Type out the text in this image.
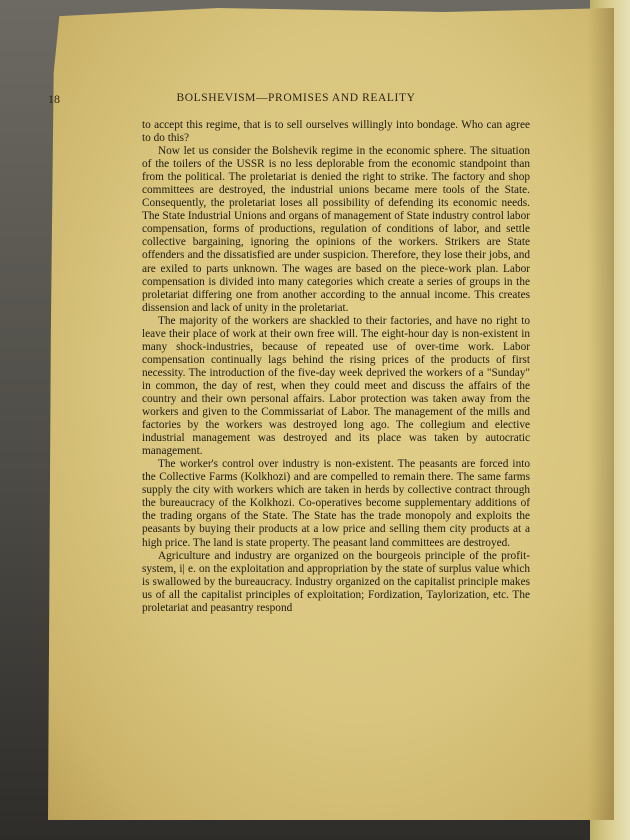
18	BOLSHEVISM—PROMISES AND REALITY

to accept this regime, that is to sell ourselves willingly into bondage. Who can agree to do this?

Now let us consider the Bolshevik regime in the economic sphere. The situation of the toilers of the USSR is no less deplorable from the economic standpoint than from the political. The proletariat is denied the right to strike. The factory and shop committees are destroyed, the industrial unions became mere tools of the State. Consequently, the proletariat loses all possibility of defending its economic needs. The State Industrial Unions and organs of management of State industry control labor compensation, forms of productions, regulation of conditions of labor, and settle collective bargaining, ignoring the opinions of the workers. Strikers are State offenders and the dissatisfied are under suspicion. Therefore, they lose their jobs, and are exiled to parts unknown. The wages are based on the piece-work plan. Labor compensation is divided into many categories which create a series of groups in the proletariat differing one from another according to the annual income. This creates dissension and lack of unity in the proletariat.

The majority of the workers are shackled to their factories, and have no right to leave their place of work at their own free will. The eight-hour day is non-existent in many shock-industries, because of repeated use of over-time work. Labor compensation continually lags behind the rising prices of the products of first necessity. The introduction of the five-day week deprived the workers of a "Sunday" in common, the day of rest, when they could meet and discuss the affairs of the country and their own personal affairs. Labor protection was taken away from the workers and given to the Commissariat of Labor. The management of the mills and factories by the workers was destroyed long ago. The collegium and elective industrial management was destroyed and its place was taken by autocratic management.

The worker's control over industry is non-existent. The peasants are forced into the Collective Farms (Kolkhozi) and are compelled to remain there. The same farms supply the city with workers which are taken in herds by collective contract through the bureaucracy of the Kolkhozi. Co-operatives become supplementary additions of the trading organs of the State. The State has the trade monopoly and exploits the peasants by buying their products at a low price and selling them city products at a high price. The land is state property. The peasant land committees are destroyed.

Agriculture and industry are organized on the bourgeois principle of the profit-system, i| e. on the exploitation and appropriation by the state of surplus value which is swallowed by the bureaucracy. Industry organized on the capitalist principle makes us of all the capitalist principles of exploitation; Fordization, Taylorization, etc. The proletariat and peasantry respond
